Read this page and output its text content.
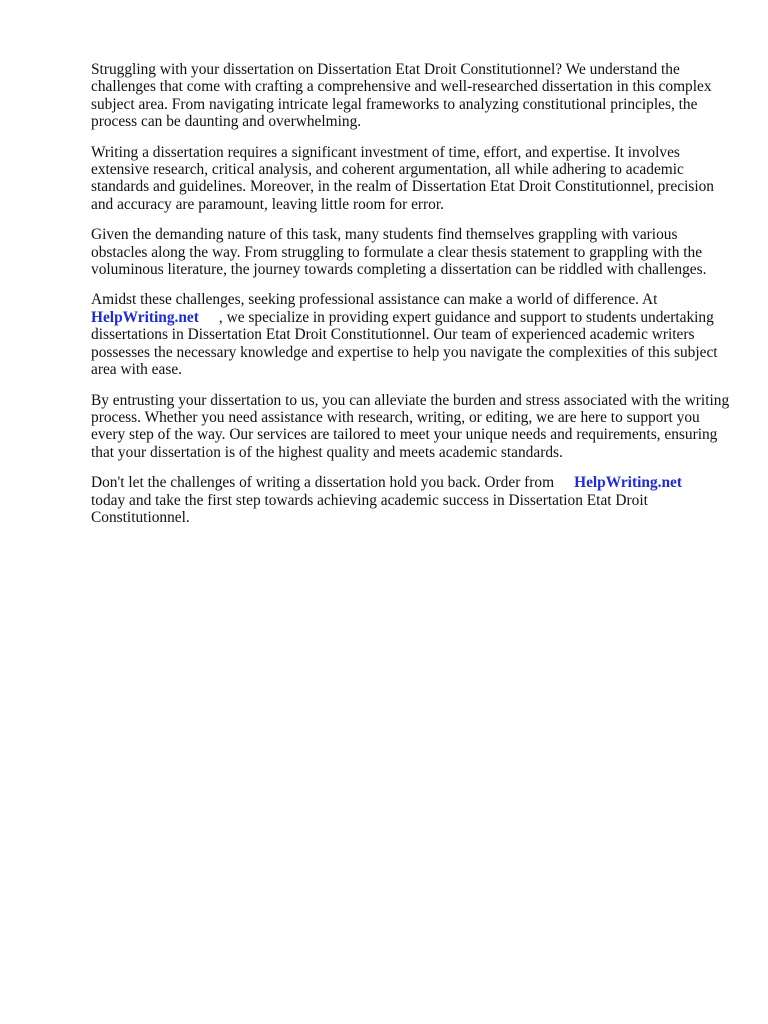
Struggling with your dissertation on Dissertation Etat Droit Constitutionnel? We understand the challenges that come with crafting a comprehensive and well-researched dissertation in this complex subject area. From navigating intricate legal frameworks to analyzing constitutional principles, the process can be daunting and overwhelming.

Writing a dissertation requires a significant investment of time, effort, and expertise. It involves extensive research, critical analysis, and coherent argumentation, all while adhering to academic standards and guidelines. Moreover, in the realm of Dissertation Etat Droit Constitutionnel, precision and accuracy are paramount, leaving little room for error.

Given the demanding nature of this task, many students find themselves grappling with various obstacles along the way. From struggling to formulate a clear thesis statement to grappling with the voluminous literature, the journey towards completing a dissertation can be riddled with challenges.

Amidst these challenges, seeking professional assistance can make a world of difference. At
HelpWriting.net , we specialize in providing expert guidance and support to students undertaking dissertations in Dissertation Etat Droit Constitutionnel. Our team of experienced academic writers possesses the necessary knowledge and expertise to help you navigate the complexities of this subject area with ease.

By entrusting your dissertation to us, you can alleviate the burden and stress associated with the writing process. Whether you need assistance with research, writing, or editing, we are here to support you every step of the way. Our services are tailored to meet your unique needs and requirements, ensuring that your dissertation is of the highest quality and meets academic standards.

Don't let the challenges of writing a dissertation hold you back. Order from HelpWriting.net
today and take the first step towards achieving academic success in Dissertation Etat Droit Constitutionnel.
